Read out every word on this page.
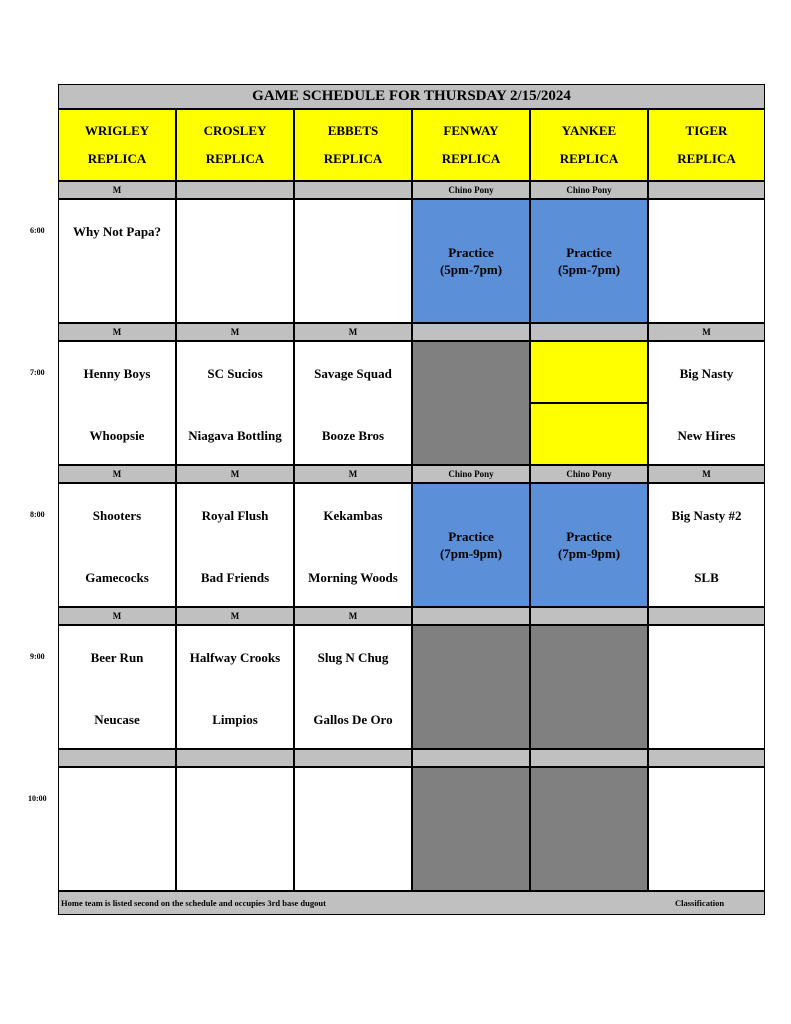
GAME SCHEDULE FOR THURSDAY 2/15/2024
WRIGLEY
REPLICA
CROSLEY
REPLICA
EBBETS
REPLICA
FENWAY
REPLICA
YANKEE
REPLICA
TIGER
REPLICA
6:00
M
Why Not Papa?
Chino Pony
Practice
(5pm-7pm)
Chino Pony
Practice
(5pm-7pm)
7:00
M
Henny Boys
Whoopsie
M
SC Sucios
Niagava Bottling
M
Savage Squad
Booze Bros
M
Big Nasty
New Hires
8:00
M
Shooters
Gamecocks
M
Royal Flush
Bad Friends
M
Kekambas
Morning Woods
Chino Pony
Practice
(7pm-9pm)
Chino Pony
Practice
(7pm-9pm)
M
Big Nasty #2
SLB
9:00
M
Beer Run
Neucase
M
Halfway Crooks
Limpios
M
Slug N Chug
Gallos De Oro
10:00
Home team is listed second on the schedule and occupies 3rd base dugout	Classification
